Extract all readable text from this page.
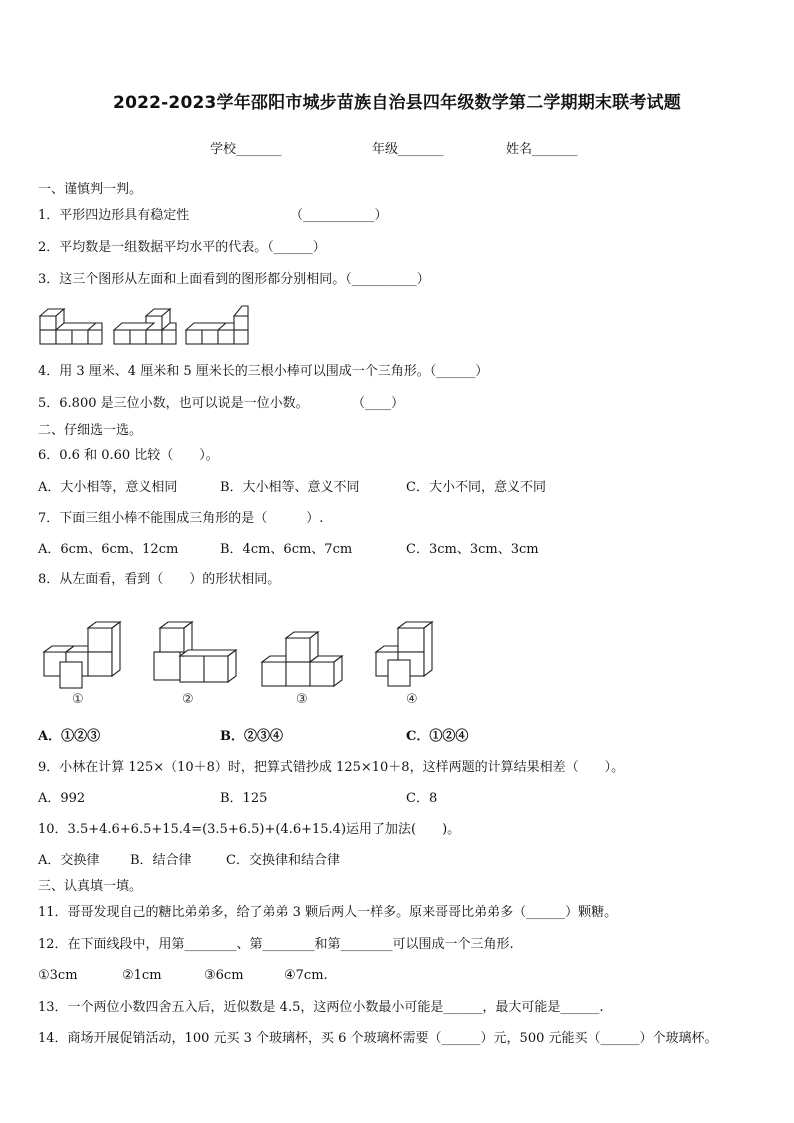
2022-2023学年邵阳市城步苗族自治县四年级数学第二学期期末联考试题
学校_______	年级_______	姓名_______
一、谨慎判一判。
1．平形四边形具有稳定性	（___________）
2．平均数是一组数据平均水平的代表。（______）
3．这三个图形从左面和上面看到的图形都分别相同。（__________）
4．用 3 厘米、4 厘米和 5 厘米长的三根小棒可以围成一个三角形。（______）
5．6.800 是三位小数，也可以说是一位小数。	（____）
二、仔细选一选。
6．0.6 和 0.60 比较（　　）。
A．大小相等，意义相同	B．大小相等、意义不同	C．大小不同，意义不同
7．下面三组小棒不能围成三角形的是（　　　）.
A．6cm、6cm、12cm	B．4cm、6cm、7cm	C．3cm、3cm、3cm
8．从左面看，看到（　　）的形状相同。
①	②	③	④
A．①②③	B．②③④	C．①②④
9．小林在计算 125×（10＋8）时，把算式错抄成 125×10＋8，这样两题的计算结果相差（　　）。
A．992	B．125	C．8
10．3.5+4.6+6.5+15.4=(3.5+6.5)+(4.6+15.4)运用了加法(　　)。
A．交换律 B．结合律	C．交换律和结合律
三、认真填一填。
11．哥哥发现自己的糖比弟弟多，给了弟弟 3 颗后两人一样多。原来哥哥比弟弟多（______）颗糖。
12．在下面线段中，用第________、第________和第________可以围成一个三角形.
①3cm	②1cm	③6cm	④7cm.
13．一个两位小数四舍五入后，近似数是 4.5，这两位小数最小可能是______，最大可能是______.
14．商场开展促销活动，100 元买 3 个玻璃杯，买 6 个玻璃杯需要（______）元，500 元能买（______）个玻璃杯。
